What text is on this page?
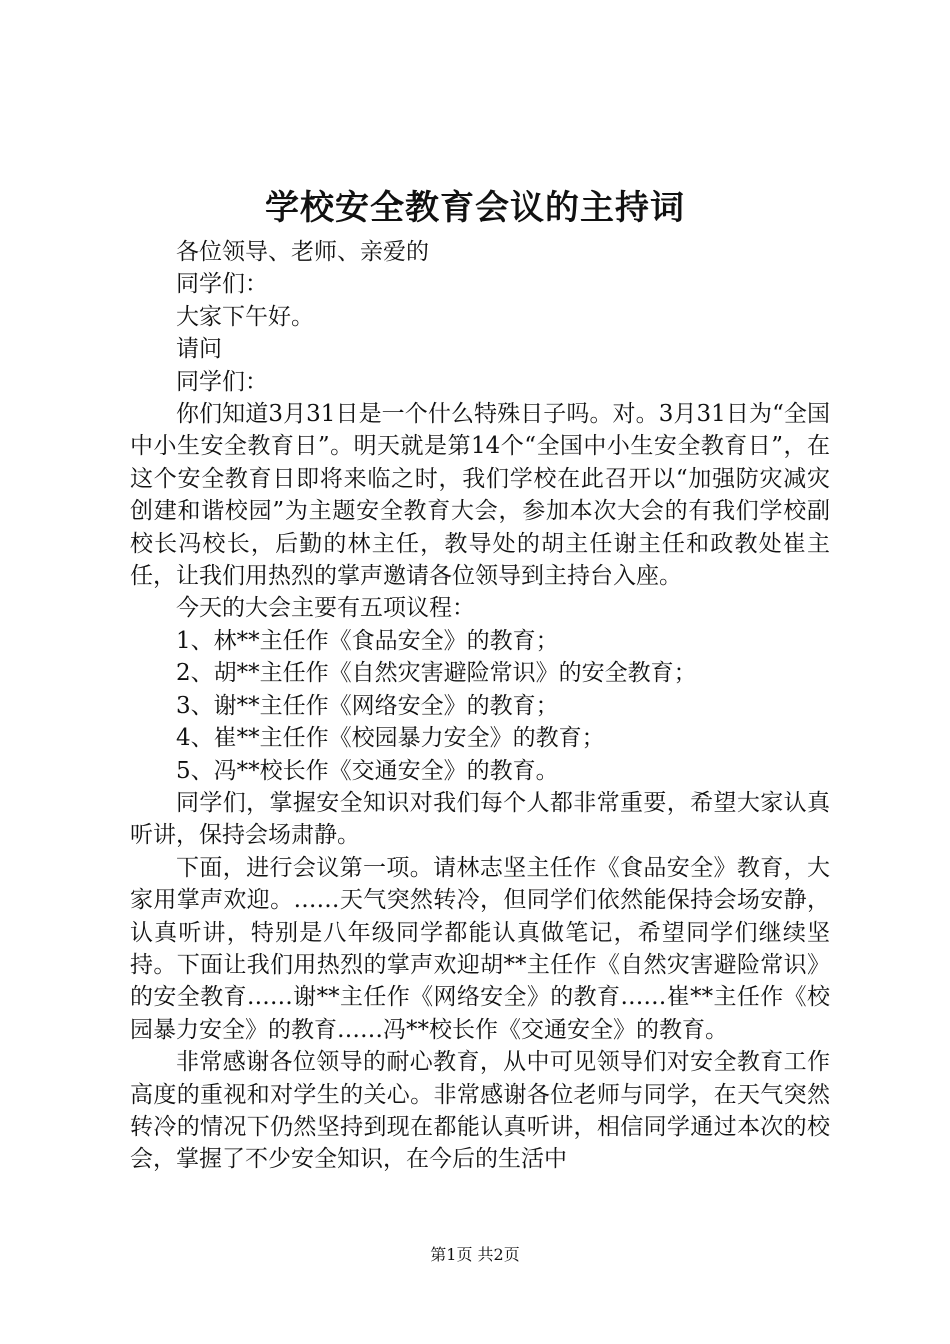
学校安全教育会议的主持词

各位领导、老师、亲爱的

同学们：

大家下午好。

请问

同学们：

你们知道3月31日是一个什么特殊日子吗。对。3月31日为“全国中小生安全教育日”。明天就是第14个“全国中小生安全教育日”，在这个安全教育日即将来临之时，我们学校在此召开以“加强防灾减灾创建和谐校园”为主题安全教育大会，参加本次大会的有我们学校副校长冯校长，后勤的林主任，教导处的胡主任谢主任和政教处崔主任，让我们用热烈的掌声邀请各位领导到主持台入座。

今天的大会主要有五项议程：

1、林**主任作《食品安全》的教育；

2、胡**主任作《自然灾害避险常识》的安全教育；

3、谢**主任作《网络安全》的教育；

4、崔**主任作《校园暴力安全》的教育；

5、冯**校长作《交通安全》的教育。

同学们，掌握安全知识对我们每个人都非常重要，希望大家认真听讲，保持会场肃静。

下面，进行会议第一项。请林志坚主任作《食品安全》教育，大家用掌声欢迎。……天气突然转冷，但同学们依然能保持会场安静，认真听讲，特别是八年级同学都能认真做笔记，希望同学们继续坚持。下面让我们用热烈的掌声欢迎胡**主任作《自然灾害避险常识》的安全教育……谢**主任作《网络安全》的教育……崔**主任作《校园暴力安全》的教育……冯**校长作《交通安全》的教育。

非常感谢各位领导的耐心教育，从中可见领导们对安全教育工作高度的重视和对学生的关心。非常感谢各位老师与同学，在天气突然转冷的情况下仍然坚持到现在都能认真听讲，相信同学通过本次的校会，掌握了不少安全知识，在今后的生活中

第1页 共2页
